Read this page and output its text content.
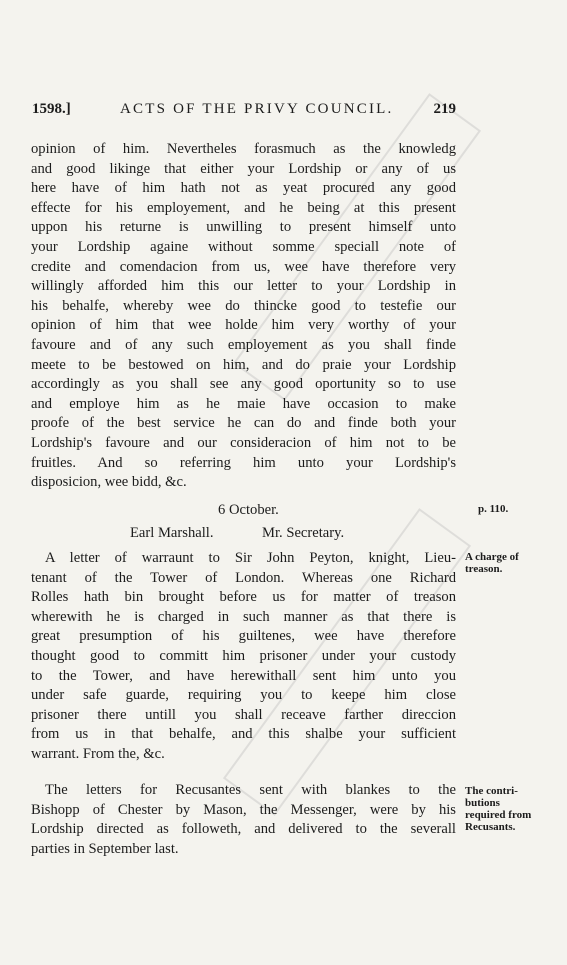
1598.]	ACTS OF THE PRIVY COUNCIL.	219
opinion of him. Nevertheles forasmuch as the knowledg
and good likinge that either your Lordship or any of us
here have of him hath not as yeat procured any good
effecte for his employement, and he being at this present
uppon his returne is unwilling to present himself unto
your Lordship againe without somme speciall note of
credite and comendacion from us, wee have therefore very
willingly afforded him this our letter to your Lordship in
his behalfe, whereby wee do thincke good to testefie our
opinion of him that wee holde him very worthy of your
favoure and of any such employement as you shall finde
meete to be bestowed on him, and do praie your Lordship
accordingly as you shall see any good oportunity so to use
and employe him as he maie have occasion to make
proofe of the best service he can do and finde both your
Lordship's favoure and our consideracion of him not to be
fruitles. And so referring him unto your Lordship's
disposicion, wee bidd, &c.
6 October.	p. 110.
Earl Marshall.	Mr. Secretary.
A letter of warraunt to Sir John Peyton, knight, Lieu-
tenant of the Tower of London. Whereas one Richard
Rolles hath bin brought before us for matter of treason
wherewith he is charged in such manner as that there is
great presumption of his guiltenes, wee have therefore
thought good to committ him prisoner under your custody
to the Tower, and have herewithall sent him unto you
under safe guarde, requiring you to keepe him close
prisoner there untill you shall receave farther direccion
from us in that behalfe, and this shalbe your sufficient
warrant. From the, &c.
A charge of
treason.
The letters for Recusantes sent with blankes to the
Bishopp of Chester by Mason, the Messenger, were by his
Lordship directed as followeth, and delivered to the severall
parties in September last.
The contri-
butions
required from
Recusants.
